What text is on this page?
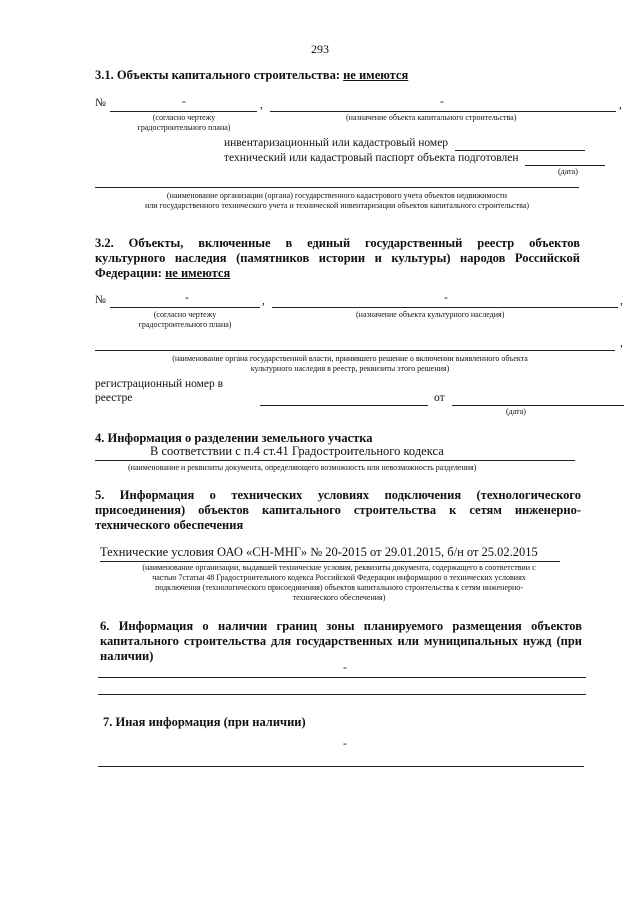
293
3.1. Объекты капитального строительства: не имеются
№	-	,	-	,
(согласно чертежу
градостроительного плана)
(назначение объекта капитального строительства)
инвентаризационный или кадастровый номер
технический или кадастровый паспорт объекта подготовлен
(дата)
(наименование организации (органа) государственного кадастрового учета объектов недвижимости
или государственного технического учета и технической инвентаризации объектов капитального строительства)
3.2. Объекты, включенные в единый государственный реестр объектов
культурного наследия (памятников истории и культуры) народов Российской
Федерации: не имеются
№	-	,	-	,
(согласно чертежу
градостроительного плана)
(назначение объекта культурного наследия)
,
(наименование органа государственной власти, принявшего решение о включении выявленного объекта
культурного наследия в реестр, реквизиты этого решения)
регистрационный номер в
реестре	от
(дата)
4. Информация о разделении земельного участка
В соответствии с п.4 ст.41 Градостроительного кодекса
(наименование и реквизиты документа, определяющего возможность или невозможность разделения)
5. Информация о технических условиях подключения (технологического
присоединения) объектов капитального строительства к сетям инженерно-
технического обеспечения
Технические условия ОАО «СН-МНГ» № 20-2015 от 29.01.2015, б/н от 25.02.2015
(наименование организации, выдавшей технические условия, реквизиты документа, содержащего в соответствии с
частью 7статьи 48 Градостроительного кодекса Российской Федерации информацию о технических условиях
подключения (технологического присоединения) объектов капитального строительства к сетям инженерно-
технического обеспечения)
6. Информация о наличии границ зоны планируемого размещения объектов
капитального строительства для государственных или муниципальных нужд (при
наличии)
-
7. Иная информация (при наличии)
-
